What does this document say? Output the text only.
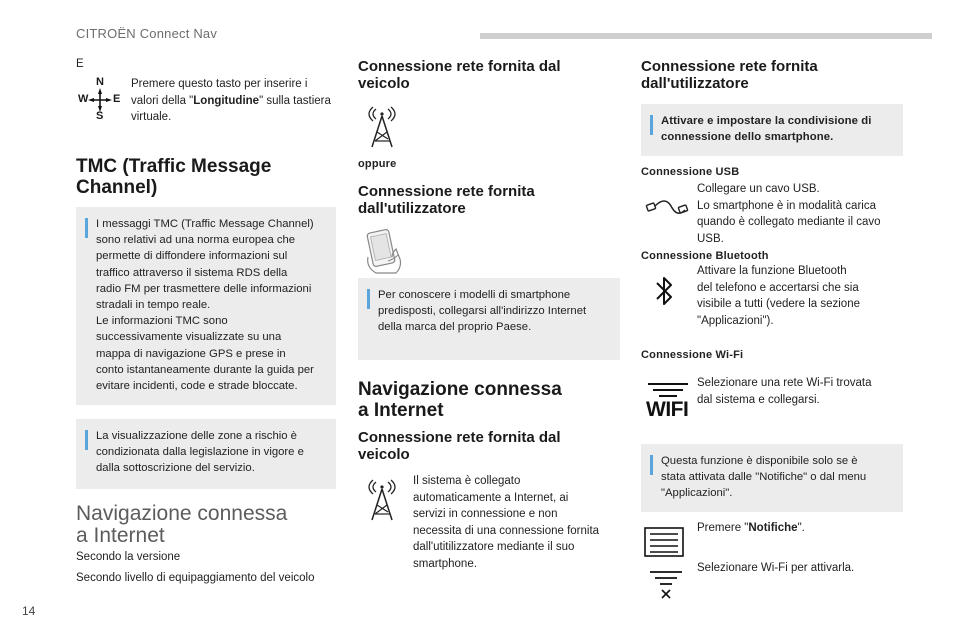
CITROËN Connect Nav
E
N
W E
S
Premere questo tasto per inserire i valori della "Longitudine" sulla tastiera virtuale.
TMC (Traffic Message
Channel)
I messaggi TMC (Traffic Message Channel)
sono relativi ad una norma europea che
permette di diffondere informazioni sul
traffico attraverso il sistema RDS della
radio FM per trasmettere delle informazioni
stradali in tempo reale.
Le informazioni TMC sono
successivamente visualizzate su una
mappa di navigazione GPS e prese in
conto istantaneamente durante la guida per
evitare incidenti, code e strade bloccate.
La visualizzazione delle zone a rischio è
condizionata dalla legislazione in vigore e
dalla sottoscrizione del servizio.
Navigazione connessa
a Internet
Secondo la versione
Secondo livello di equipaggiamento del veicolo
Connessione rete fornita dal
veicolo
oppure
Connessione rete fornita
dall'utilizzatore
Per conoscere i modelli di smartphone
predisposti, collegarsi all'indirizzo Internet
della marca del proprio Paese.
Navigazione connessa
a Internet
Connessione rete fornita dal
veicolo
Il sistema è collegato
automaticamente a Internet, ai
servizi in connessione e non
necessita di una connessione fornita
dall'utitilizzatore mediante il suo
smartphone.
Connessione rete fornita
dall'utilizzatore
Attivare e impostare la condivisione di
connessione dello smartphone.
Connessione USB
Collegare un cavo USB.
Lo smartphone è in modalità carica
quando è collegato mediante il cavo
USB.
Connessione Bluetooth
Attivare la funzione Bluetooth
del telefono e accertarsi che sia
visibile a tutti (vedere la sezione
"Applicazioni").
Connessione Wi-Fi
WIFI
Selezionare una rete Wi-Fi trovata
dal sistema e collegarsi.
Questa funzione è disponibile solo se è
stata attivata dalle "Notifiche" o dal menu
"Applicazioni".
Premere "Notifiche".
Selezionare Wi-Fi per attivarla.
14
